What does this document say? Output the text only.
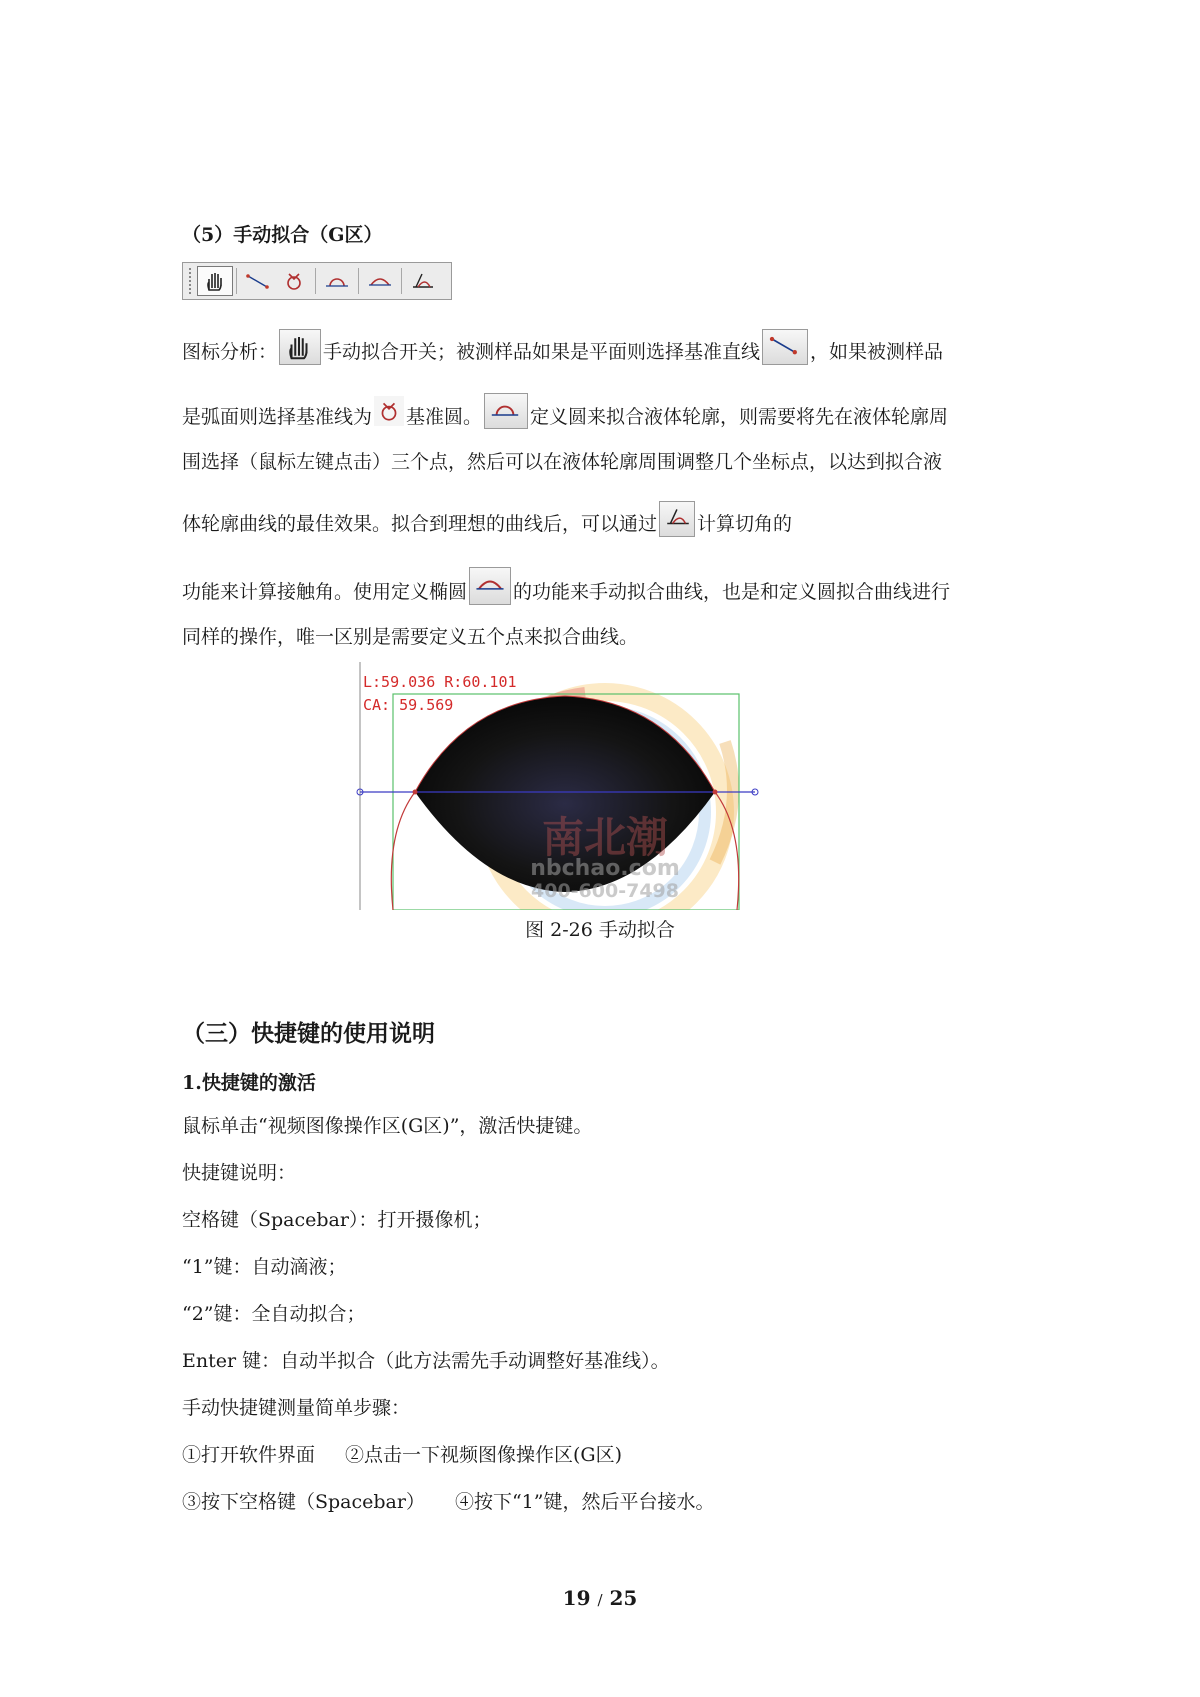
（5）手动拟合（G区）
图标分析： 手动拟合开关；被测样品如果是平面则选择基准直线	，如果被测样品
是弧面则选择基准线为 基准圆。	定义圆来拟合液体轮廓，则需要将先在液体轮廓周
围选择（鼠标左键点击）三个点，然后可以在液体轮廓周围调整几个坐标点，以达到拟合液
体轮廓曲线的最佳效果。拟合到理想的曲线后，可以通过 计算切角的
功能来计算接触角。使用定义椭圆 的功能来手动拟合曲线，也是和定义圆拟合曲线进行
同样的操作，唯一区别是需要定义五个点来拟合曲线。
L:59.036 R:60.101
CA: 59.569
南北潮
nbchao.com
400-600-7498
图 2-26 手动拟合
（三）快捷键的使用说明
1.快捷键的激活
鼠标单击“视频图像操作区(G区)”，激活快捷键。
快捷键说明：
空格键（Spacebar）：打开摄像机；
“1”键：自动滴液；
“2”键：全自动拟合；
Enter 键：自动半拟合（此方法需先手动调整好基准线）。
手动快捷键测量简单步骤：
①打开软件界面 ②点击一下视频图像操作区(G区)
③按下空格键（Spacebar） ④按下“1”键，然后平台接水。
19 / 25
